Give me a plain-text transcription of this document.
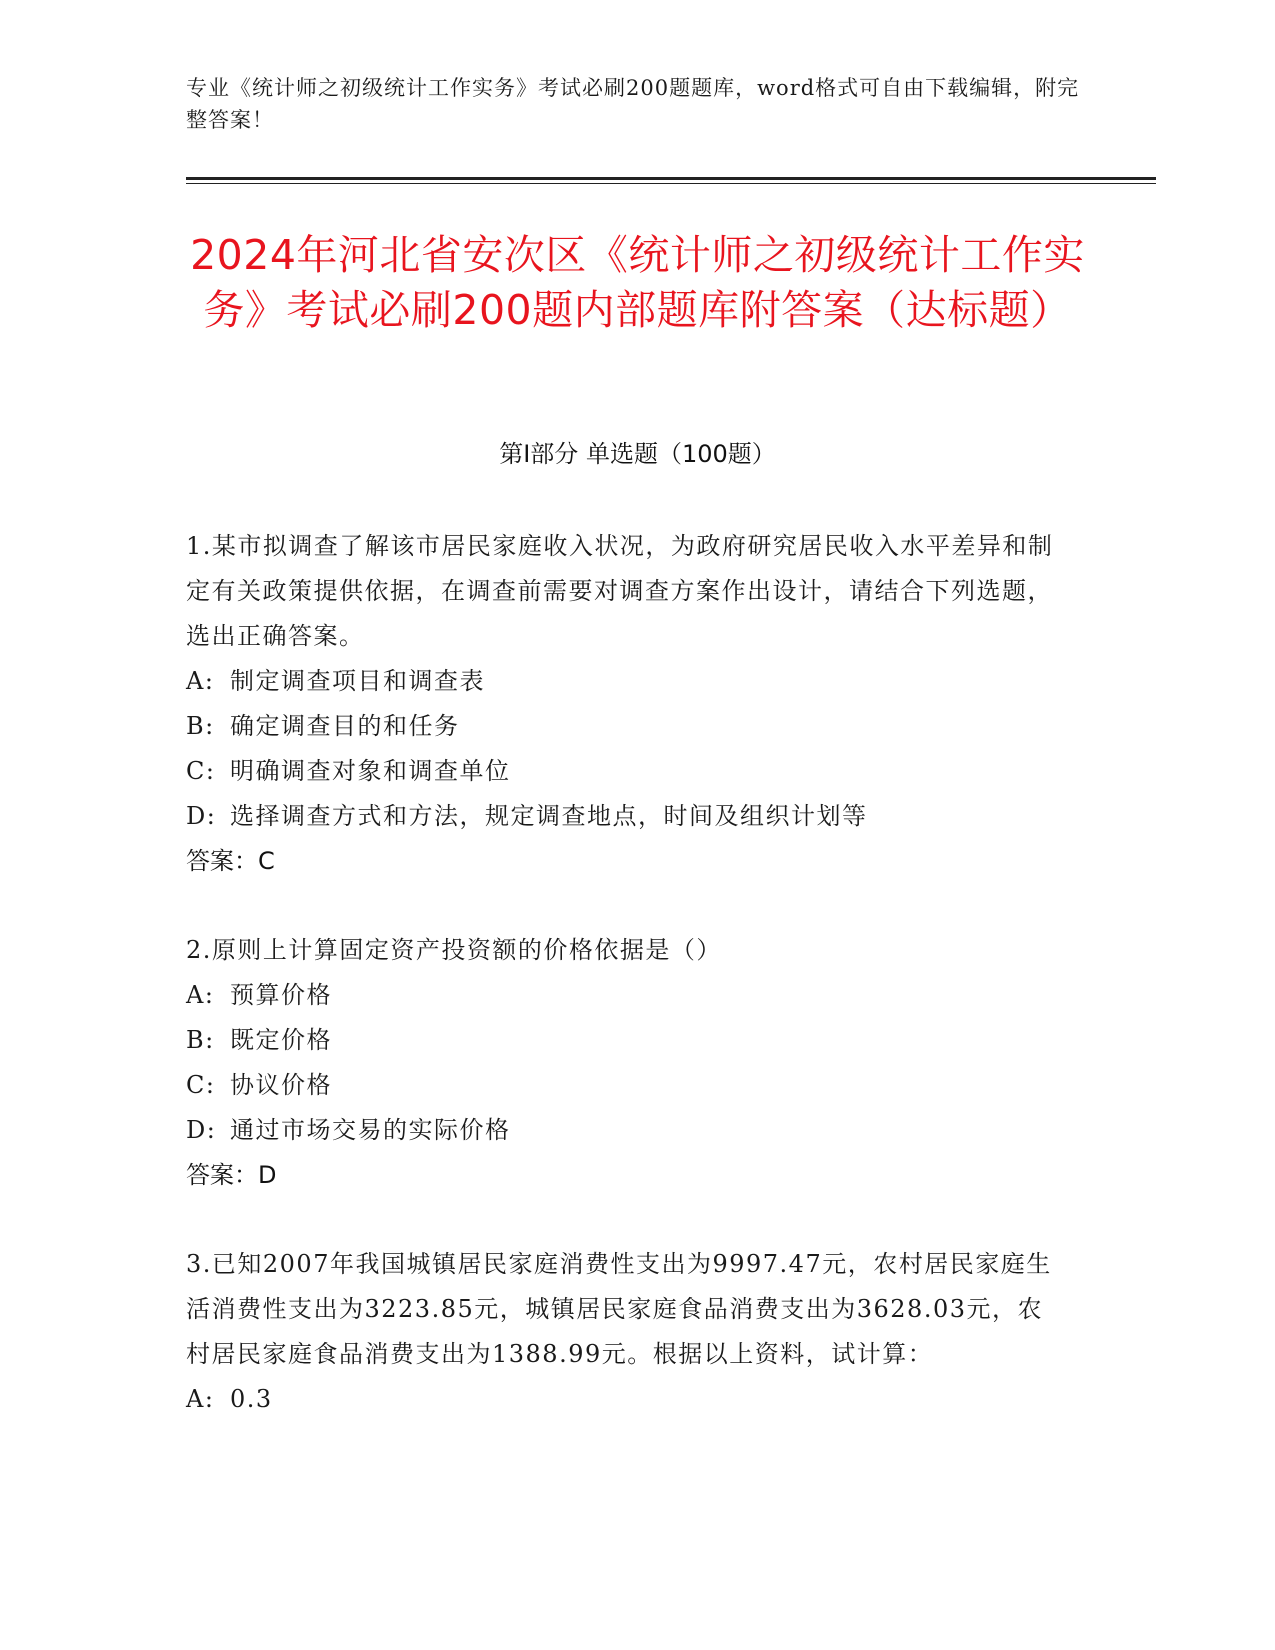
专业《统计师之初级统计工作实务》考试必刷200题题库，word格式可自由下载编辑，附完整答案！
2024年河北省安次区《统计师之初级统计工作实务》考试必刷200题内部题库附答案（达标题）
第I部分 单选题（100题）

1.某市拟调查了解该市居民家庭收入状况，为政府研究居民收入水平差异和制定有关政策提供依据，在调查前需要对调查方案作出设计，请结合下列选题，选出正确答案。

A: 制定调查项目和调查表

B: 确定调查目的和任务

C: 明确调查对象和调查单位

D: 选择调查方式和方法，规定调查地点，时间及组织计划等

答案：C

2.原则上计算固定资产投资额的价格依据是（）

A: 预算价格

B: 既定价格

C: 协议价格

D: 通过市场交易的实际价格

答案：D

3.已知2007年我国城镇居民家庭消费性支出为9997.47元，农村居民家庭生活消费性支出为3223.85元，城镇居民家庭食品消费支出为3628.03元，农村居民家庭食品消费支出为1388.99元。根据以上资料，试计算：

A: 0.3
